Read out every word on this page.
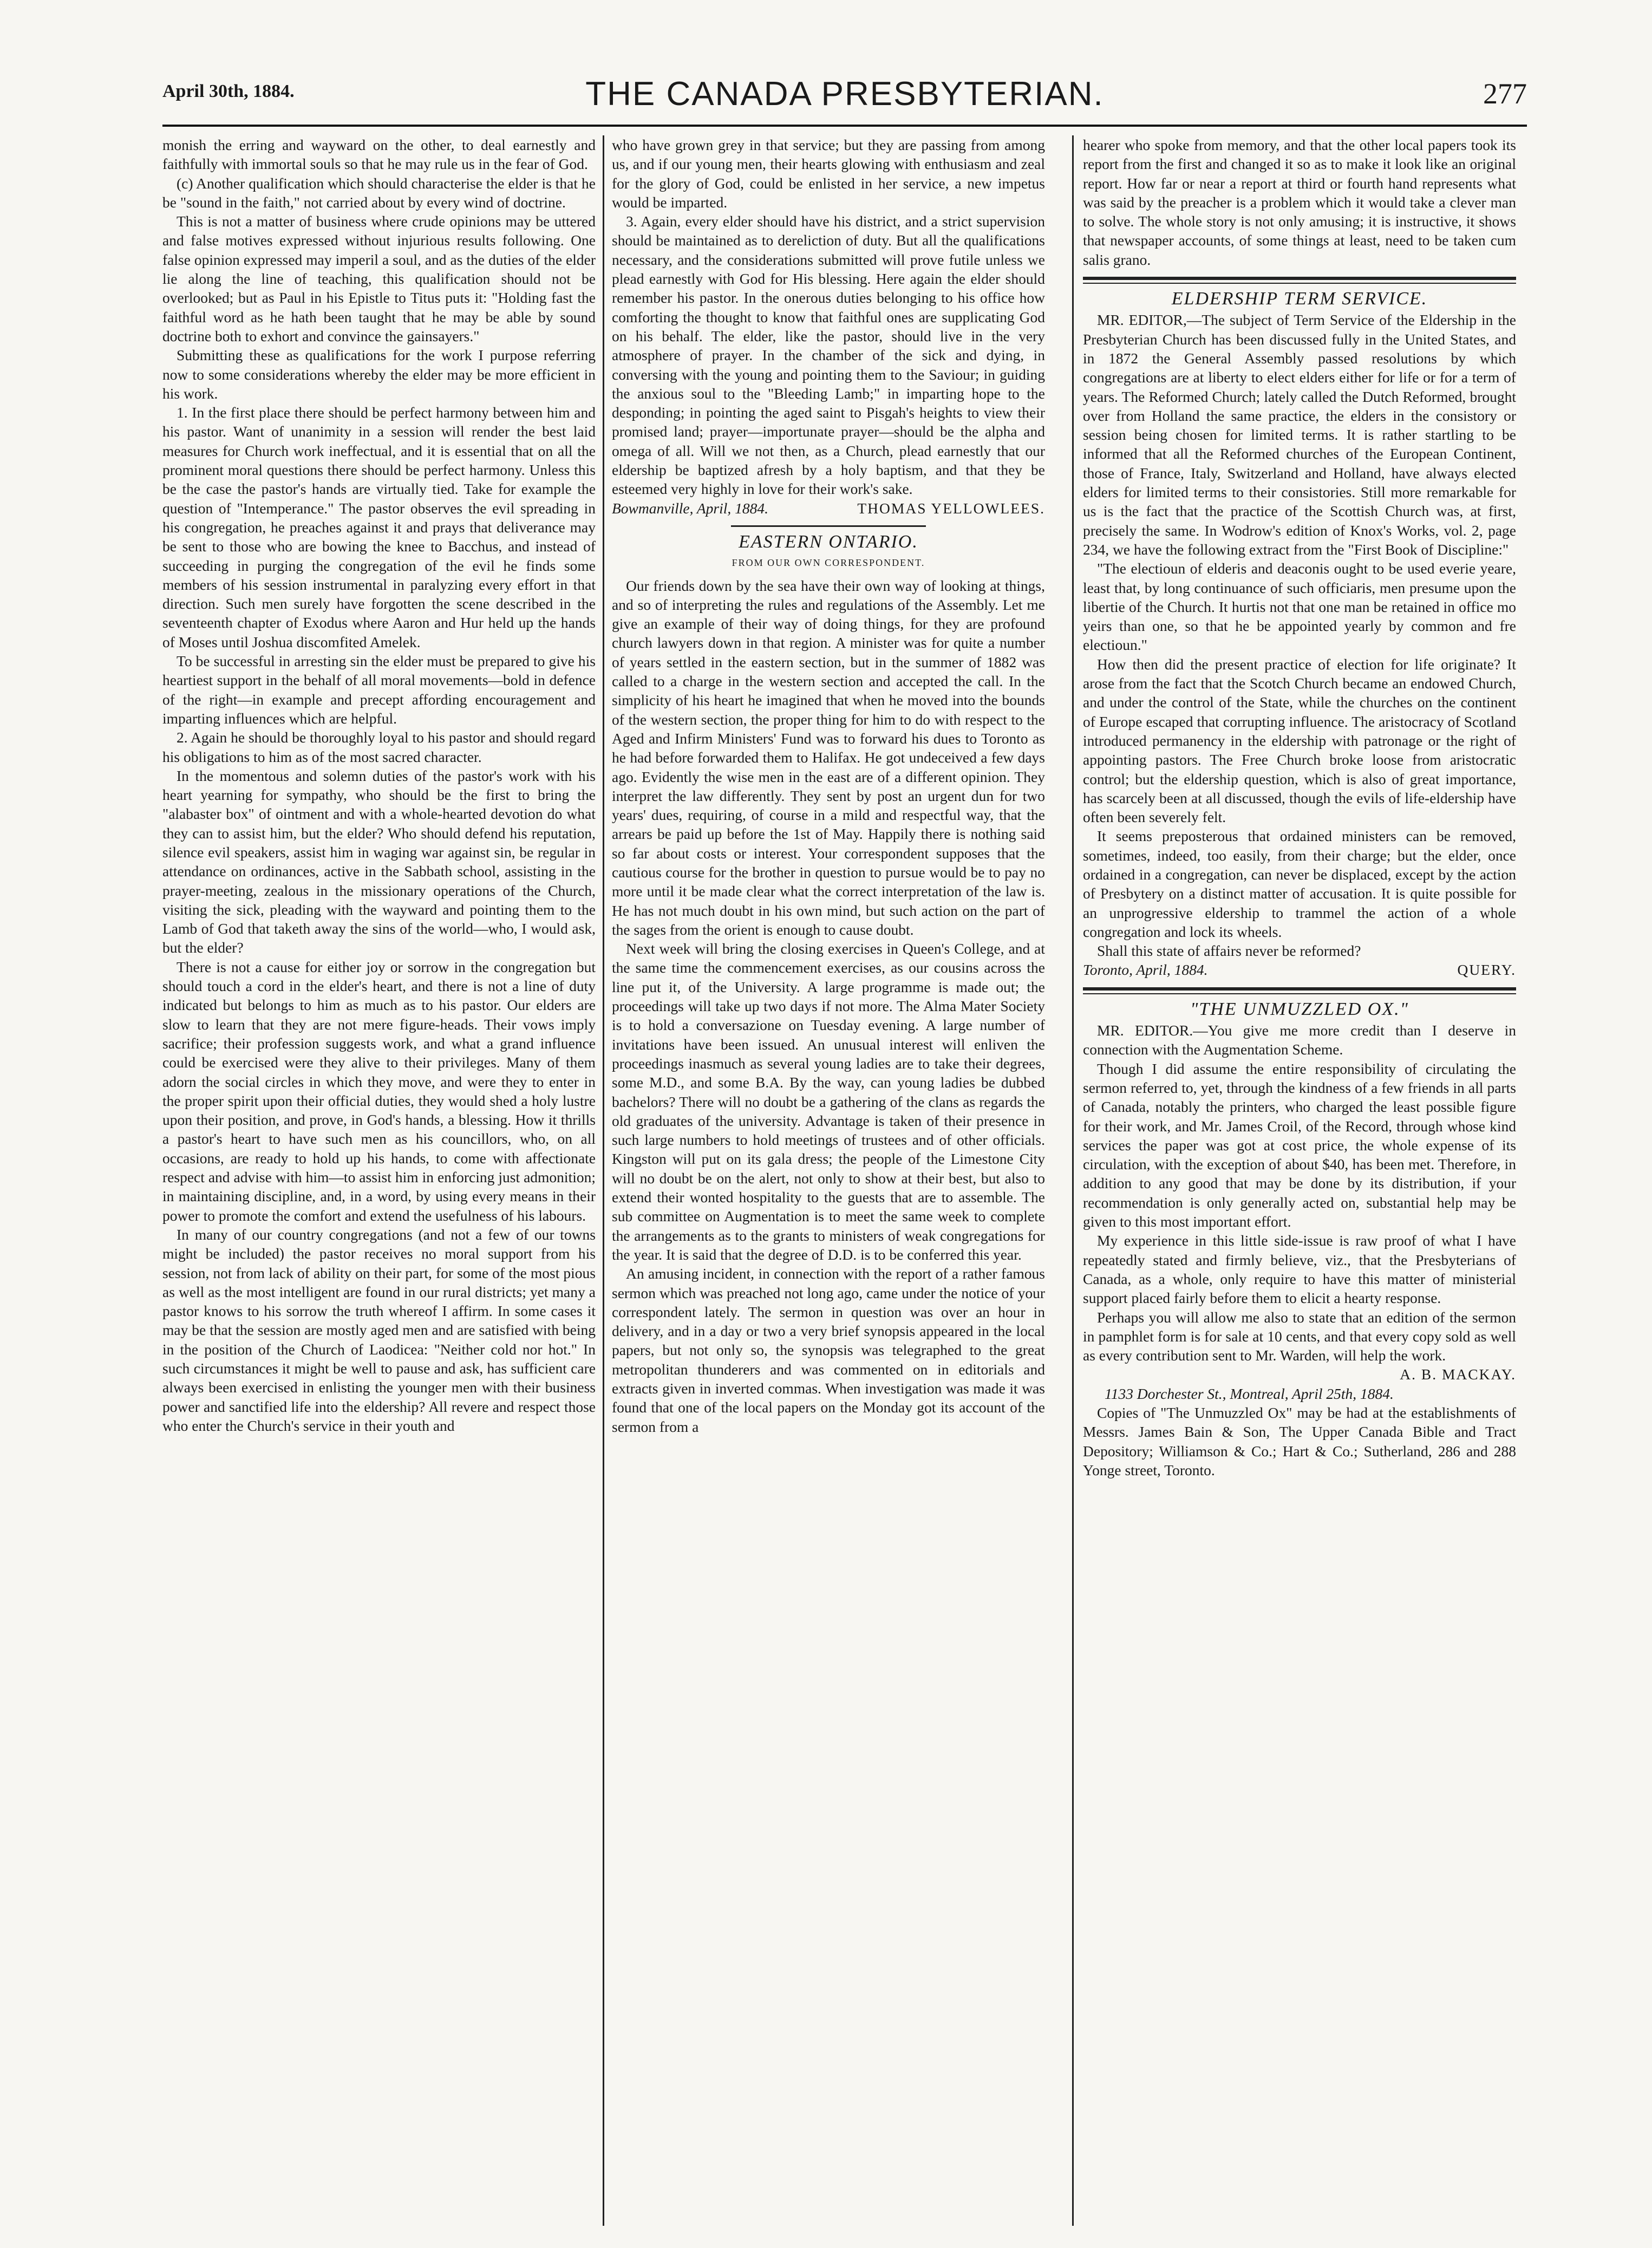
April 30th, 1884.	THE CANADA PRESBYTERIAN.	277

monish the erring and wayward on the other, to deal earnestly and faithfully with immortal souls so that he may rule us in the fear of God.

(c) Another qualification which should characterise the elder is that he be "sound in the faith," not carried about by every wind of doctrine.

This is not a matter of business where crude opinions may be uttered and false motives expressed without injurious results following. One false opinion expressed may imperil a soul, and as the duties of the elder lie along the line of teaching, this qualification should not be overlooked; but as Paul in his Epistle to Titus puts it: "Holding fast the faithful word as he hath been taught that he may be able by sound doctrine both to exhort and convince the gainsayers."

Submitting these as qualifications for the work I purpose referring now to some considerations whereby the elder may be more efficient in his work.

1. In the first place there should be perfect harmony between him and his pastor. Want of unanimity in a session will render the best laid measures for Church work ineffectual, and it is essential that on all the prominent moral questions there should be perfect harmony. Unless this be the case the pastor's hands are virtually tied. Take for example the question of "Intemperance." The pastor observes the evil spreading in his congregation, he preaches against it and prays that deliverance may be sent to those who are bowing the knee to Bacchus, and instead of succeeding in purging the congregation of the evil he finds some members of his session instrumental in paralyzing every effort in that direction. Such men surely have forgotten the scene described in the seventeenth chapter of Exodus where Aaron and Hur held up the hands of Moses until Joshua discomfited Amelek.

To be successful in arresting sin the elder must be prepared to give his heartiest support in the behalf of all moral movements—bold in defence of the right—in example and precept affording encouragement and imparting influences which are helpful.

2. Again he should be thoroughly loyal to his pastor and should regard his obligations to him as of the most sacred character.

In the momentous and solemn duties of the pastor's work with his heart yearning for sympathy, who should be the first to bring the "alabaster box" of ointment and with a whole-hearted devotion do what they can to assist him, but the elder? Who should defend his reputation, silence evil speakers, assist him in waging war against sin, be regular in attendance on ordinances, active in the Sabbath school, assisting in the prayer-meeting, zealous in the missionary operations of the Church, visiting the sick, pleading with the wayward and pointing them to the Lamb of God that taketh away the sins of the world—who, I would ask, but the elder?

There is not a cause for either joy or sorrow in the congregation but should touch a cord in the elder's heart, and there is not a line of duty indicated but belongs to him as much as to his pastor. Our elders are slow to learn that they are not mere figure-heads. Their vows imply sacrifice; their profession suggests work, and what a grand influence could be exercised were they alive to their privileges. Many of them adorn the social circles in which they move, and were they to enter in the proper spirit upon their official duties, they would shed a holy lustre upon their position, and prove, in God's hands, a blessing. How it thrills a pastor's heart to have such men as his councillors, who, on all occasions, are ready to hold up his hands, to come with affectionate respect and advise with him—to assist him in enforcing just admonition; in maintaining discipline, and, in a word, by using every means in their power to promote the comfort and extend the usefulness of his labours.

In many of our country congregations (and not a few of our towns might be included) the pastor receives no moral support from his session, not from lack of ability on their part, for some of the most pious as well as the most intelligent are found in our rural districts; yet many a pastor knows to his sorrow the truth whereof I affirm. In some cases it may be that the session are mostly aged men and are satisfied with being in the position of the Church of Laodicea: "Neither cold nor hot." In such circumstances it might be well to pause and ask, has sufficient care always been exercised in enlisting the younger men with their business power and sanctified life into the eldership? All revere and respect those who enter the Church's service in their youth and

who have grown grey in that service; but they are passing from among us, and if our young men, their hearts glowing with enthusiasm and zeal for the glory of God, could be enlisted in her service, a new impetus would be imparted.

3. Again, every elder should have his district, and a strict supervision should be maintained as to dereliction of duty. But all the qualifications necessary, and the considerations submitted will prove futile unless we plead earnestly with God for His blessing. Here again the elder should remember his pastor. In the onerous duties belonging to his office how comforting the thought to know that faithful ones are supplicating God on his behalf. The elder, like the pastor, should live in the very atmosphere of prayer. In the chamber of the sick and dying, in conversing with the young and pointing them to the Saviour; in guiding the anxious soul to the "Bleeding Lamb;" in imparting hope to the desponding; in pointing the aged saint to Pisgah's heights to view their promised land; prayer—importunate prayer—should be the alpha and omega of all. Will we not then, as a Church, plead earnestly that our eldership be baptized afresh by a holy baptism, and that they be esteemed very highly in love for their work's sake.

Bowmanville, April, 1884.	THOMAS YELLOWLEES.

EASTERN ONTARIO.
FROM OUR OWN CORRESPONDENT.

Our friends down by the sea have their own way of looking at things, and so of interpreting the rules and regulations of the Assembly. Let me give an example of their way of doing things, for they are profound church lawyers down in that region. A minister was for quite a number of years settled in the eastern section, but in the summer of 1882 was called to a charge in the western section and accepted the call. In the simplicity of his heart he imagined that when he moved into the bounds of the western section, the proper thing for him to do with respect to the Aged and Infirm Ministers' Fund was to forward his dues to Toronto as he had before forwarded them to Halifax. He got undeceived a few days ago. Evidently the wise men in the east are of a different opinion. They interpret the law differently. They sent by post an urgent dun for two years' dues, requiring, of course in a mild and respectful way, that the arrears be paid up before the 1st of May. Happily there is nothing said so far about costs or interest. Your correspondent supposes that the cautious course for the brother in question to pursue would be to pay no more until it be made clear what the correct interpretation of the law is. He has not much doubt in his own mind, but such action on the part of the sages from the orient is enough to cause doubt.

Next week will bring the closing exercises in Queen's College, and at the same time the commencement exercises, as our cousins across the line put it, of the University. A large programme is made out; the proceedings will take up two days if not more. The Alma Mater Society is to hold a conversazione on Tuesday evening. A large number of invitations have been issued. An unusual interest will enliven the proceedings inasmuch as several young ladies are to take their degrees, some M.D., and some B.A. By the way, can young ladies be dubbed bachelors? There will no doubt be a gathering of the clans as regards the old graduates of the university. Advantage is taken of their presence in such large numbers to hold meetings of trustees and of other officials. Kingston will put on its gala dress; the people of the Limestone City will no doubt be on the alert, not only to show at their best, but also to extend their wonted hospitality to the guests that are to assemble. The sub committee on Augmentation is to meet the same week to complete the arrangements as to the grants to ministers of weak congregations for the year. It is said that the degree of D.D. is to be conferred this year.

An amusing incident, in connection with the report of a rather famous sermon which was preached not long ago, came under the notice of your correspondent lately. The sermon in question was over an hour in delivery, and in a day or two a very brief synopsis appeared in the local papers, but not only so, the synopsis was telegraphed to the great metropolitan thunderers and was commented on in editorials and extracts given in inverted commas. When investigation was made it was found that one of the local papers on the Monday got its account of the sermon from a

hearer who spoke from memory, and that the other local papers took its report from the first and changed it so as to make it look like an original report. How far or near a report at third or fourth hand represents what was said by the preacher is a problem which it would take a clever man to solve. The whole story is not only amusing; it is instructive, it shows that newspaper accounts, of some things at least, need to be taken cum salis grano.

ELDERSHIP TERM SERVICE.

MR. EDITOR,—The subject of Term Service of the Eldership in the Presbyterian Church has been discussed fully in the United States, and in 1872 the General Assembly passed resolutions by which congregations are at liberty to elect elders either for life or for a term of years. The Reformed Church; lately called the Dutch Reformed, brought over from Holland the same practice, the elders in the consistory or session being chosen for limited terms. It is rather startling to be informed that all the Reformed churches of the European Continent, those of France, Italy, Switzerland and Holland, have always elected elders for limited terms to their consistories. Still more remarkable for us is the fact that the practice of the Scottish Church was, at first, precisely the same. In Wodrow's edition of Knox's Works, vol. 2, page 234, we have the following extract from the "First Book of Discipline:"

"The electioun of elderis and deaconis ought to be used everie yeare, least that, by long continuance of such officiaris, men presume upon the libertie of the Church. It hurtis not that one man be retained in office mo yeirs than one, so that he be appointed yearly by common and fre electioun."

How then did the present practice of election for life originate? It arose from the fact that the Scotch Church became an endowed Church, and under the control of the State, while the churches on the continent of Europe escaped that corrupting influence. The aristocracy of Scotland introduced permanency in the eldership with patronage or the right of appointing pastors. The Free Church broke loose from aristocratic control; but the eldership question, which is also of great importance, has scarcely been at all discussed, though the evils of life-eldership have often been severely felt.

It seems preposterous that ordained ministers can be removed, sometimes, indeed, too easily, from their charge; but the elder, once ordained in a congregation, can never be displaced, except by the action of Presbytery on a distinct matter of accusation. It is quite possible for an unprogressive eldership to trammel the action of a whole congregation and lock its wheels.

Shall this state of affairs never be reformed?

Toronto, April, 1884.	QUERY.

"THE UNMUZZLED OX."

MR. EDITOR.—You give me more credit than I deserve in connection with the Augmentation Scheme.

Though I did assume the entire responsibility of circulating the sermon referred to, yet, through the kindness of a few friends in all parts of Canada, notably the printers, who charged the least possible figure for their work, and Mr. James Croil, of the Record, through whose kind services the paper was got at cost price, the whole expense of its circulation, with the exception of about $40, has been met. Therefore, in addition to any good that may be done by its distribution, if your recommendation is only generally acted on, substantial help may be given to this most important effort.

My experience in this little side-issue is raw proof of what I have repeatedly stated and firmly believe, viz., that the Presbyterians of Canada, as a whole, only require to have this matter of ministerial support placed fairly before them to elicit a hearty response.

Perhaps you will allow me also to state that an edition of the sermon in pamphlet form is for sale at 10 cents, and that every copy sold as well as every contribution sent to Mr. Warden, will help the work.

A. B. MACKAY.

1133 Dorchester St., Montreal, April 25th, 1884.

Copies of "The Unmuzzled Ox" may be had at the establishments of Messrs. James Bain & Son, The Upper Canada Bible and Tract Depository; Williamson & Co.; Hart & Co.; Sutherland, 286 and 288 Yonge street, Toronto.
